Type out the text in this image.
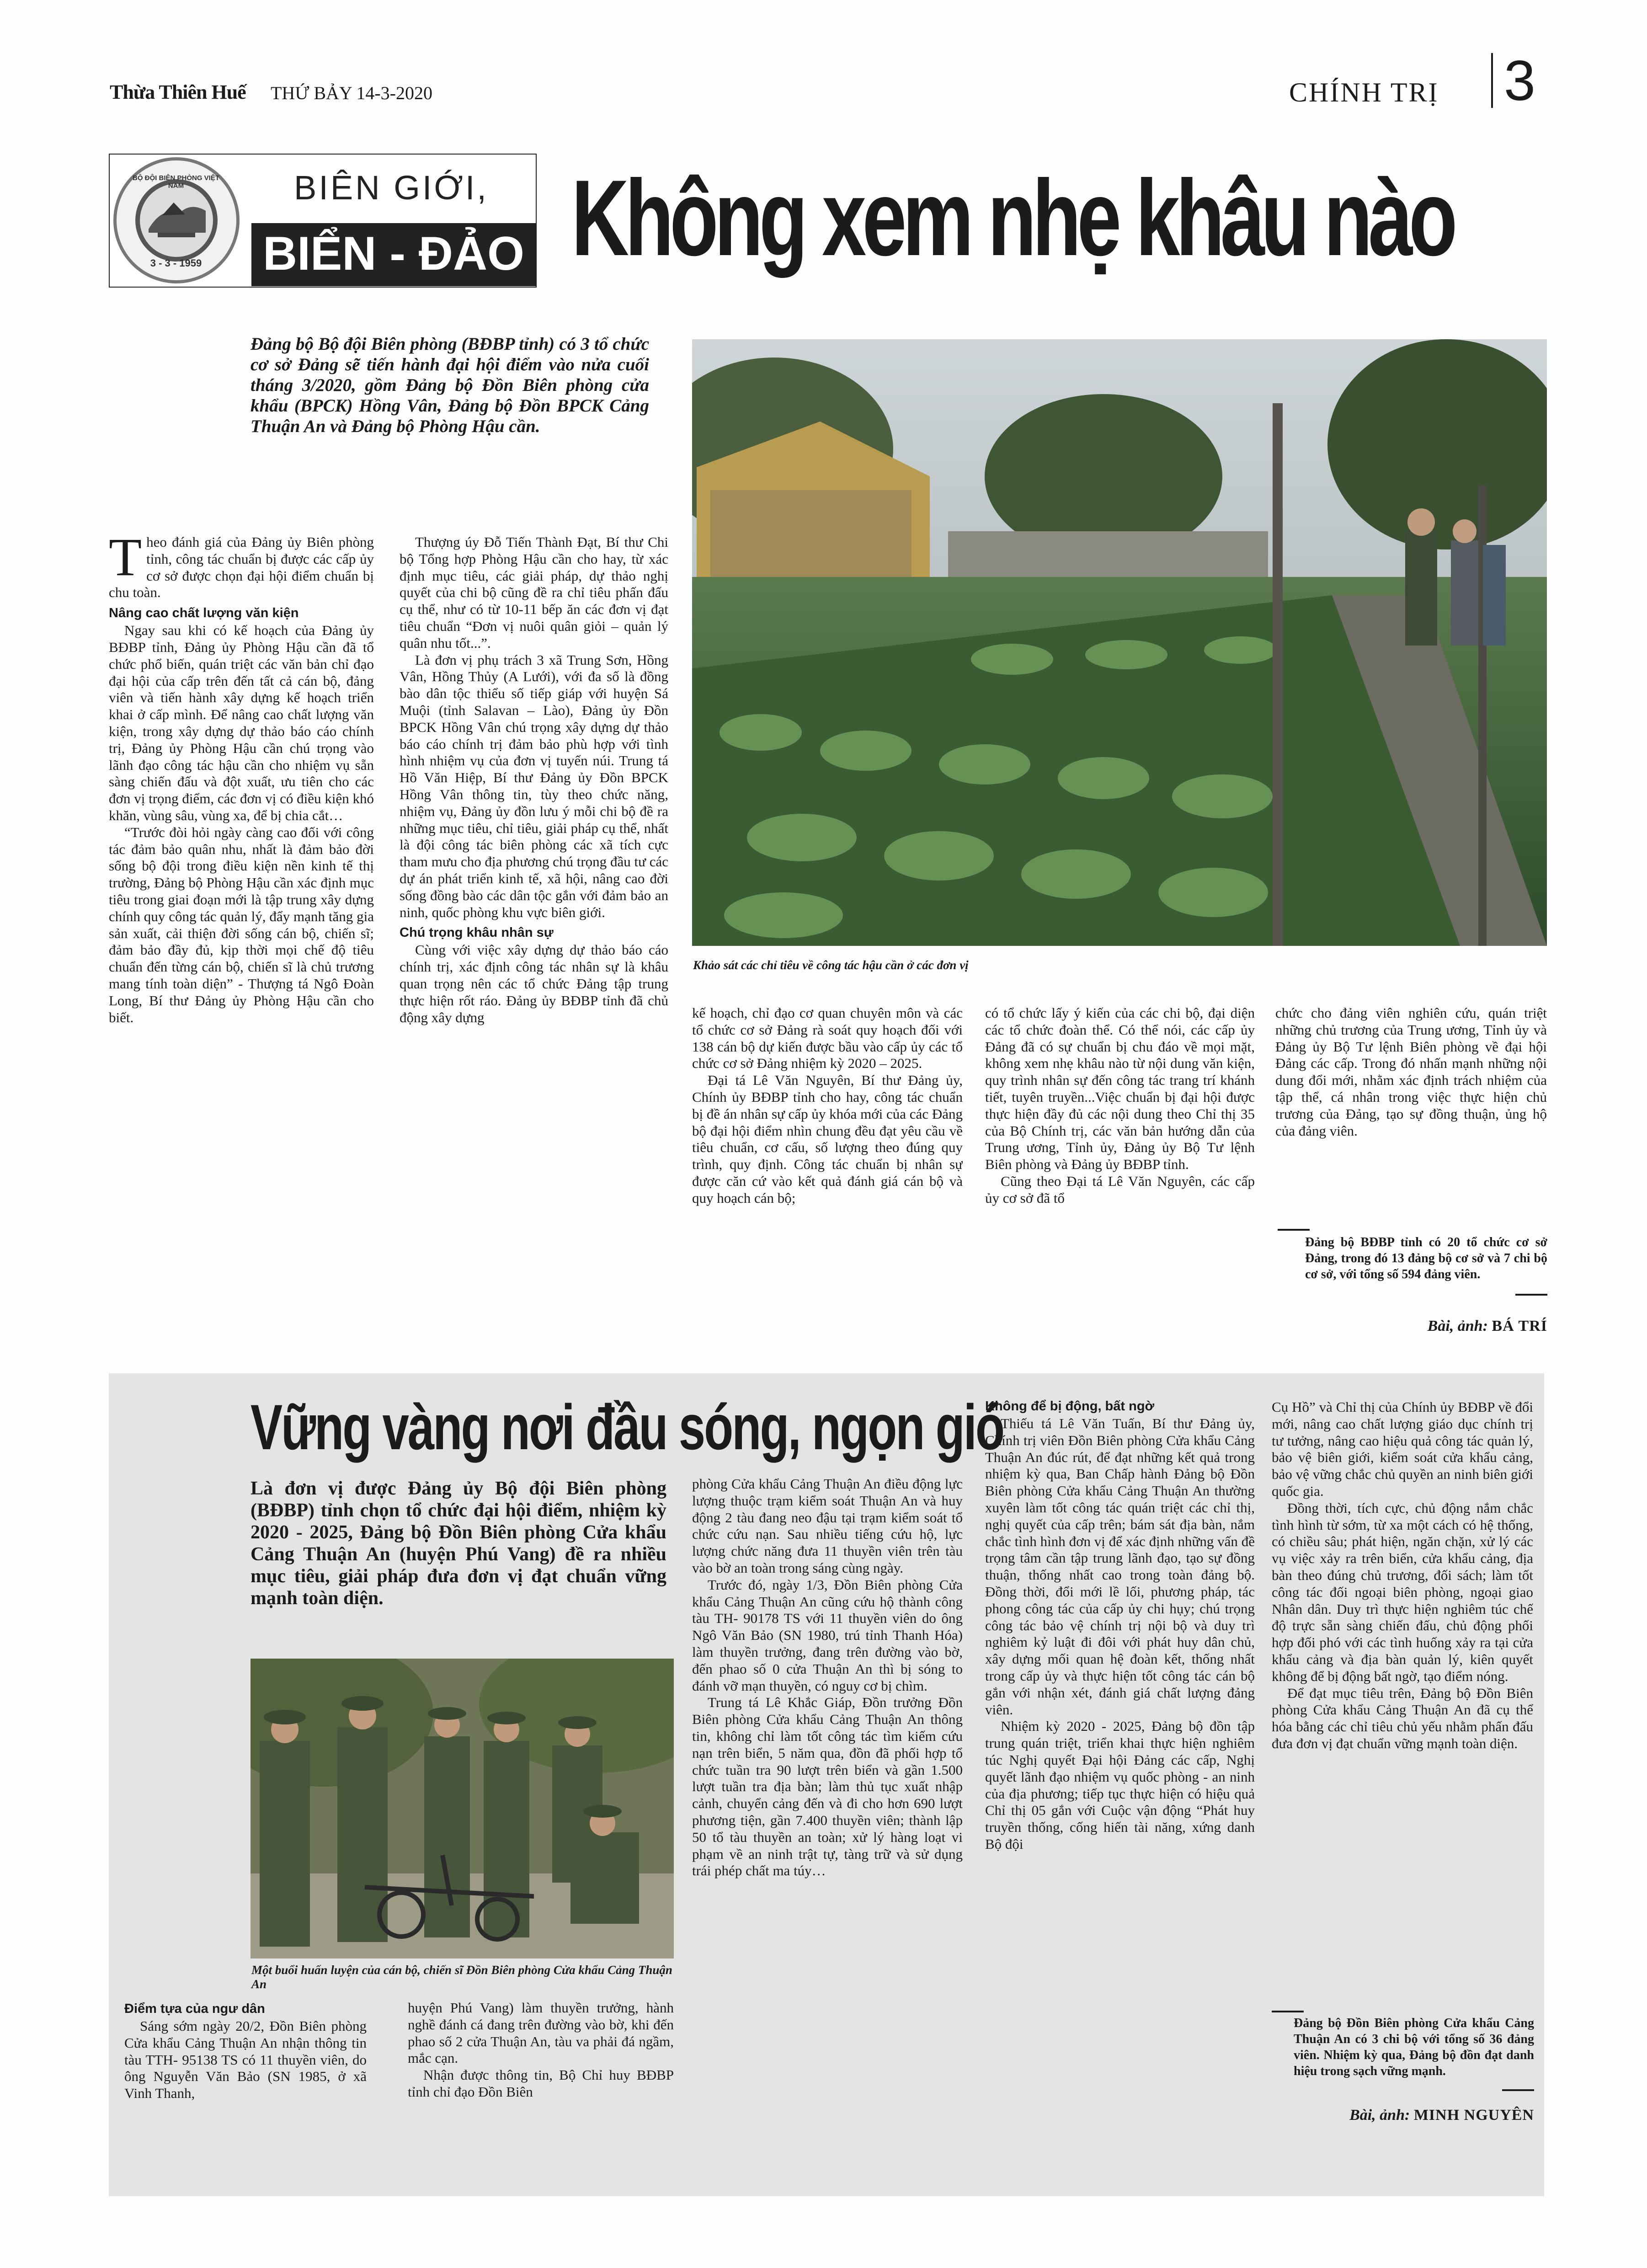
Thừa Thiên Huế THỨ BẢY 14-3-2020	CHÍNH TRỊ 3
BỘ ĐỘI BIÊN PHÒNG VIỆT NAM
3 - 3 - 1959
BIÊN GIỚI,
BIỂN - ĐẢO Không xem nhẹ khâu nào
Đảng bộ Bộ đội Biên phòng (BĐBP tỉnh) có 3 tổ chức cơ sở Đảng sẽ tiến hành đại hội điểm vào nửa cuối tháng 3/2020, gồm Đảng bộ Đồn Biên phòng cửa khẩu (BPCK) Hồng Vân, Đảng bộ Đồn BPCK Cảng Thuận An và Đảng bộ Phòng Hậu cần.
Khảo sát các chỉ tiêu về công tác hậu cần ở các đơn vị

Theo đánh giá của Đảng ủy Biên phòng tỉnh, công tác chuẩn bị được các cấp ủy cơ sở được chọn đại hội điểm chuẩn bị chu toàn.

Nâng cao chất lượng văn kiện

Ngay sau khi có kế hoạch của Đảng ủy BĐBP tỉnh, Đảng ủy Phòng Hậu cần đã tổ chức phổ biến, quán triệt các văn bản chỉ đạo đại hội của cấp trên đến tất cả cán bộ, đảng viên và tiến hành xây dựng kế hoạch triển khai ở cấp mình. Để nâng cao chất lượng văn kiện, trong xây dựng dự thảo báo cáo chính trị, Đảng ủy Phòng Hậu cần chú trọng vào lãnh đạo công tác hậu cần cho nhiệm vụ sẵn sàng chiến đấu và đột xuất, ưu tiên cho các đơn vị trọng điểm, các đơn vị có điều kiện khó khăn, vùng sâu, vùng xa, để bị chia cắt…

“Trước đòi hỏi ngày càng cao đối với công tác đảm bảo quân nhu, nhất là đảm bảo đời sống bộ đội trong điều kiện nền kinh tế thị trường, Đảng bộ Phòng Hậu cần xác định mục tiêu trong giai đoạn mới là tập trung xây dựng chính quy công tác quản lý, đẩy mạnh tăng gia sản xuất, cải thiện đời sống cán bộ, chiến sĩ; đảm bảo đầy đủ, kịp thời mọi chế độ tiêu chuẩn đến từng cán bộ, chiến sĩ là chủ trương mang tính toàn diện” - Thượng tá Ngô Đoàn Long, Bí thư Đảng ủy Phòng Hậu cần cho biết.

Thượng úy Đỗ Tiến Thành Đạt, Bí thư Chi bộ Tổng hợp Phòng Hậu cần cho hay, từ xác định mục tiêu, các giải pháp, dự thảo nghị quyết của chi bộ cũng đề ra chỉ tiêu phấn đấu cụ thể, như có từ 10-11 bếp ăn các đơn vị đạt tiêu chuẩn “Đơn vị nuôi quân giỏi – quản lý quân nhu tốt...”.

Là đơn vị phụ trách 3 xã Trung Sơn, Hồng Vân, Hồng Thủy (A Lưới), với đa số là đồng bào dân tộc thiểu số tiếp giáp với huyện Sá Muội (tỉnh Salavan – Lào), Đảng ủy Đồn BPCK Hồng Vân chú trọng xây dựng dự thảo báo cáo chính trị đảm bảo phù hợp với tình hình nhiệm vụ của đơn vị tuyến núi. Trung tá Hồ Văn Hiệp, Bí thư Đảng ủy Đồn BPCK Hồng Vân thông tin, tùy theo chức năng, nhiệm vụ, Đảng ủy đồn lưu ý mỗi chi bộ đề ra những mục tiêu, chỉ tiêu, giải pháp cụ thể, nhất là đội công tác biên phòng các xã tích cực tham mưu cho địa phương chú trọng đầu tư các dự án phát triển kinh tế, xã hội, nâng cao đời sống đồng bào các dân tộc gắn với đảm bảo an ninh, quốc phòng khu vực biên giới.

Chú trọng khâu nhân sự

Cùng với việc xây dựng dự thảo báo cáo chính trị, xác định công tác nhân sự là khâu quan trọng nên các tổ chức Đảng tập trung thực hiện rốt ráo. Đảng ủy BĐBP tỉnh đã chủ động xây dựng	kế hoạch, chỉ đạo cơ quan chuyên môn và các tổ chức cơ sở Đảng rà soát quy hoạch đối với 138 cán bộ dự kiến được bầu vào cấp ủy các tổ chức cơ sở Đảng nhiệm kỳ 2020 – 2025.

Đại tá Lê Văn Nguyên, Bí thư Đảng ủy, Chính ủy BĐBP tỉnh cho hay, công tác chuẩn bị đề án nhân sự cấp ủy khóa mới của các Đảng bộ đại hội điểm nhìn chung đều đạt yêu cầu về tiêu chuẩn, cơ cấu, số lượng theo đúng quy trình, quy định. Công tác chuẩn bị nhân sự được căn cứ vào kết quả đánh giá cán bộ và quy hoạch cán bộ;

có tổ chức lấy ý kiến của các chi bộ, đại diện các tổ chức đoàn thể. Có thể nói, các cấp ủy Đảng đã có sự chuẩn bị chu đáo về mọi mặt, không xem nhẹ khâu nào từ nội dung văn kiện, quy trình nhân sự đến công tác trang trí khánh tiết, tuyên truyền...Việc chuẩn bị đại hội được thực hiện đầy đủ các nội dung theo Chỉ thị 35 của Bộ Chính trị, các văn bản hướng dẫn của Trung ương, Tỉnh ủy, Đảng ủy Bộ Tư lệnh Biên phòng và Đảng ủy BĐBP tỉnh.

Cũng theo Đại tá Lê Văn Nguyên, các cấp ủy cơ sở đã tổ

chức cho đảng viên nghiên cứu, quán triệt những chủ trương của Trung ương, Tỉnh ủy và Đảng ủy Bộ Tư lệnh Biên phòng về đại hội Đảng các cấp. Trong đó nhấn mạnh những nội dung đổi mới, nhằm xác định trách nhiệm của tập thể, cá nhân trong việc thực hiện chủ trương của Đảng, tạo sự đồng thuận, ủng hộ của đảng viên.

Đảng bộ BĐBP tỉnh có 20 tổ chức cơ sở Đảng, trong đó 13 đảng bộ cơ sở và 7 chi bộ cơ sở, với tổng số 594 đảng viên.
Bài, ảnh: BÁ TRÍ
Vững vàng nơi đầu sóng, ngọn gió
Là đơn vị được Đảng ủy Bộ đội Biên phòng (BĐBP) tỉnh chọn tổ chức đại hội điểm, nhiệm kỳ 2020 - 2025, Đảng bộ Đồn Biên phòng Cửa khẩu Cảng Thuận An (huyện Phú Vang) đề ra nhiều mục tiêu, giải pháp đưa đơn vị đạt chuẩn vững mạnh toàn diện.
Một buổi huấn luyện của cán bộ, chiến sĩ Đồn Biên phòng Cửa khẩu Cảng Thuận An
Điểm tựa của ngư dân

Sáng sớm ngày 20/2, Đồn Biên phòng Cửa khẩu Cảng Thuận An nhận thông tin tàu TTH- 95138 TS có 11 thuyền viên, do ông Nguyễn Văn Bảo (SN 1985, ở xã Vinh Thanh,

huyện Phú Vang) làm thuyền trưởng, hành nghề đánh cá đang trên đường vào bờ, khi đến phao số 2 cửa Thuận An, tàu va phải đá ngầm, mắc cạn.

Nhận được thông tin, Bộ Chỉ huy BĐBP tỉnh chỉ đạo Đồn Biên

phòng Cửa khẩu Cảng Thuận An điều động lực lượng thuộc trạm kiểm soát Thuận An và huy động 2 tàu đang neo đậu tại trạm kiểm soát tổ chức cứu nạn. Sau nhiều tiếng cứu hộ, lực lượng chức năng đưa 11 thuyền viên trên tàu vào bờ an toàn trong sáng cùng ngày.

Trước đó, ngày 1/3, Đồn Biên phòng Cửa khẩu Cảng Thuận An cũng cứu hộ thành công tàu TH- 90178 TS với 11 thuyền viên do ông Ngô Văn Bảo (SN 1980, trú tỉnh Thanh Hóa) làm thuyền trưởng, đang trên đường vào bờ, đến phao số 0 cửa Thuận An thì bị sóng to đánh vỡ mạn thuyền, có nguy cơ bị chìm.

Trung tá Lê Khắc Giáp, Đồn trưởng Đồn Biên phòng Cửa khẩu Cảng Thuận An thông tin, không chỉ làm tốt công tác tìm kiếm cứu nạn trên biển, 5 năm qua, đồn đã phối hợp tổ chức tuần tra 90 lượt trên biển và gần 1.500 lượt tuần tra địa bàn; làm thủ tục xuất nhập cảnh, chuyển cảng đến và đi cho hơn 690 lượt phương tiện, gần 7.400 thuyền viên; thành lập 50 tổ tàu thuyền an toàn; xử lý hàng loạt vi phạm về an ninh trật tự, tàng trữ và sử dụng trái phép chất ma túy…

Không để bị động, bất ngờ

Thiếu tá Lê Văn Tuấn, Bí thư Đảng ủy, Chính trị viên Đồn Biên phòng Cửa khẩu Cảng Thuận An đúc rút, để đạt những kết quả trong nhiệm kỳ qua, Ban Chấp hành Đảng bộ Đồn Biên phòng Cửa khẩu Cảng Thuận An thường xuyên làm tốt công tác quán triệt các chỉ thị, nghị quyết của cấp trên; bám sát địa bàn, nắm chắc tình hình đơn vị để xác định những vấn đề trọng tâm cần tập trung lãnh đạo, tạo sự đồng thuận, thống nhất cao trong toàn đảng bộ. Đồng thời, đổi mới lề lối, phương pháp, tác phong công tác của cấp ủy chi hụy; chú trọng công tác bảo vệ chính trị nội bộ và duy trì nghiêm kỷ luật đi đôi với phát huy dân chủ, xây dựng mối quan hệ đoàn kết, thống nhất trong cấp ủy và thực hiện tốt công tác cán bộ gắn với nhận xét, đánh giá chất lượng đảng viên.

Nhiệm kỳ 2020 - 2025, Đảng bộ đồn tập trung quán triệt, triển khai thực hiện nghiêm túc Nghị quyết Đại hội Đảng các cấp, Nghị quyết lãnh đạo nhiệm vụ quốc phòng - an ninh của địa phương; tiếp tục thực hiện có hiệu quả Chỉ thị 05 gắn với Cuộc vận động “Phát huy truyền thống, cống hiến tài năng, xứng danh Bộ đội

Cụ Hồ” và Chỉ thị của Chính ủy BĐBP về đổi mới, nâng cao chất lượng giáo dục chính trị tư tưởng, nâng cao hiệu quả công tác quản lý, bảo vệ biên giới, kiểm soát cửa khẩu cảng, bảo vệ vững chắc chủ quyền an ninh biên giới quốc gia.

Đồng thời, tích cực, chủ động nắm chắc tình hình từ sớm, từ xa một cách có hệ thống, có chiều sâu; phát hiện, ngăn chặn, xử lý các vụ việc xảy ra trên biển, cửa khẩu cảng, địa bàn theo đúng chủ trương, đối sách; làm tốt công tác đối ngoại biên phòng, ngoại giao Nhân dân. Duy trì thực hiện nghiêm túc chế độ trực sẵn sàng chiến đấu, chủ động phối hợp đối phó với các tình huống xảy ra tại cửa khẩu cảng và địa bàn quản lý, kiên quyết không để bị động bất ngờ, tạo điểm nóng.

Để đạt mục tiêu trên, Đảng bộ Đồn Biên phòng Cửa khẩu Cảng Thuận An đã cụ thể hóa bằng các chỉ tiêu chủ yếu nhằm phấn đấu đưa đơn vị đạt chuẩn vững mạnh toàn diện.

Đảng bộ Đồn Biên phòng Cửa khẩu Cảng Thuận An có 3 chi bộ với tổng số 36 đảng viên. Nhiệm kỳ qua, Đảng bộ đồn đạt danh hiệu trong sạch vững mạnh.
Bài, ảnh: MINH NGUYÊN
